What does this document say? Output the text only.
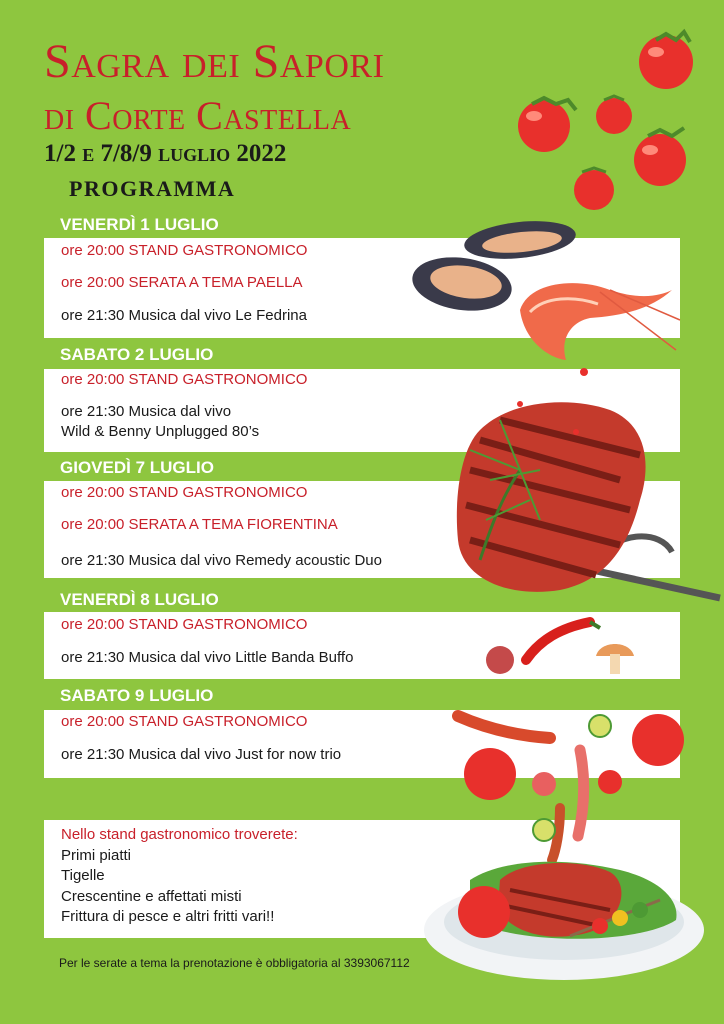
Sagra dei Sapori
di Corte Castella
1/2 e 7/8/9 luglio 2022
PROGRAMMA
VENERDÌ 1 LUGLIO
ore 20:00 STAND GASTRONOMICO
ore 20:00 SERATA A TEMA PAELLA
ore 21:30 Musica dal vivo Le Fedrina
SABATO 2 LUGLIO
ore 20:00 STAND GASTRONOMICO
ore 21:30 Musica dal vivo
Wild & Benny Unplugged 80’s
GIOVEDÌ 7 LUGLIO
ore 20:00 STAND GASTRONOMICO
ore 20:00 SERATA A TEMA FIORENTINA
ore 21:30 Musica dal vivo Remedy acoustic Duo
VENERDÌ 8 LUGLIO
ore 20:00 STAND GASTRONOMICO
ore 21:30 Musica dal vivo Little Banda Buffo
SABATO 9 LUGLIO
ore 20:00 STAND GASTRONOMICO
ore 21:30 Musica dal vivo Just for now trio
Nello stand gastronomico troverete:
Primi piatti
Tigelle
Crescentine e affettati misti
Frittura di pesce e altri fritti vari!!
Per le serate a tema la prenotazione è obbligatoria al 3393067112
